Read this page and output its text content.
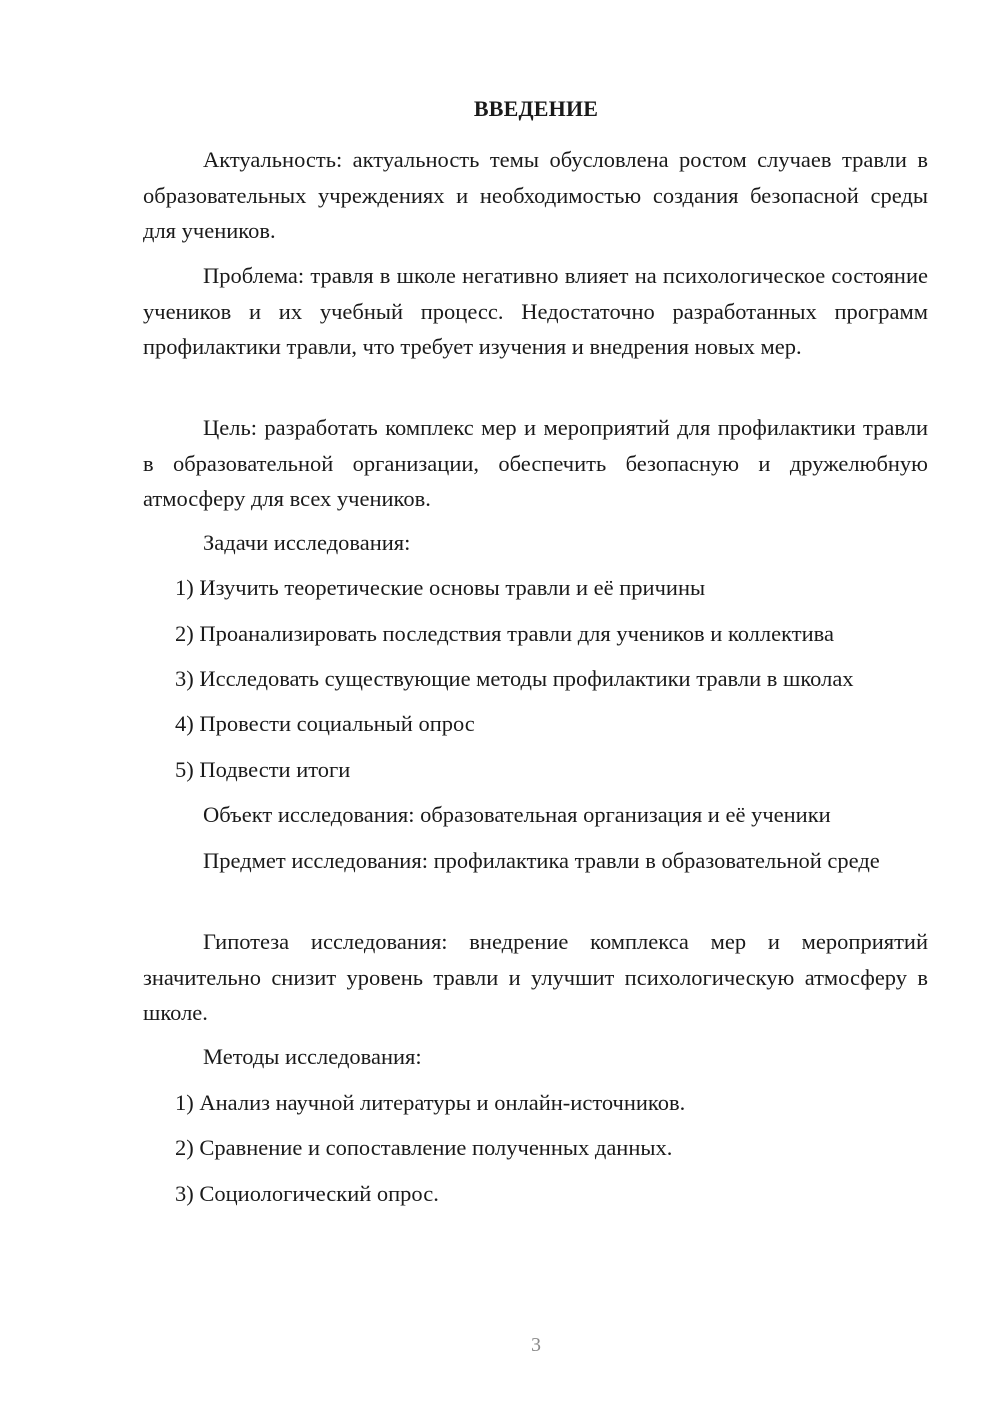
ВВЕДЕНИЕ

Актуальность: актуальность темы обусловлена ростом случаев травли в образовательных учреждениях и необходимостью создания безопасной среды для учеников.

Проблема: травля в школе негативно влияет на психологическое состояние учеников и их учебный процесс. Недостаточно разработанных программ профилактики травли, что требует изучения и внедрения новых мер.

Цель: разработать комплекс мер и мероприятий для профилактики травли в образовательной организации, обеспечить безопасную и дружелюбную атмосферу для всех учеников.

Задачи исследования:

1) Изучить теоретические основы травли и её причины

2) Проанализировать последствия травли для учеников и коллектива

3) Исследовать существующие методы профилактики травли в школах

4) Провести социальный опрос

5) Подвести итоги

Объект исследования: образовательная организация и её ученики

Предмет исследования: профилактика травли в образовательной среде

Гипотеза исследования: внедрение комплекса мер и мероприятий значительно снизит уровень травли и улучшит психологическую атмосферу в школе.

Методы исследования:

1) Анализ научной литературы и онлайн-источников.

2) Сравнение и сопоставление полученных данных.

3) Социологический опрос.

3
